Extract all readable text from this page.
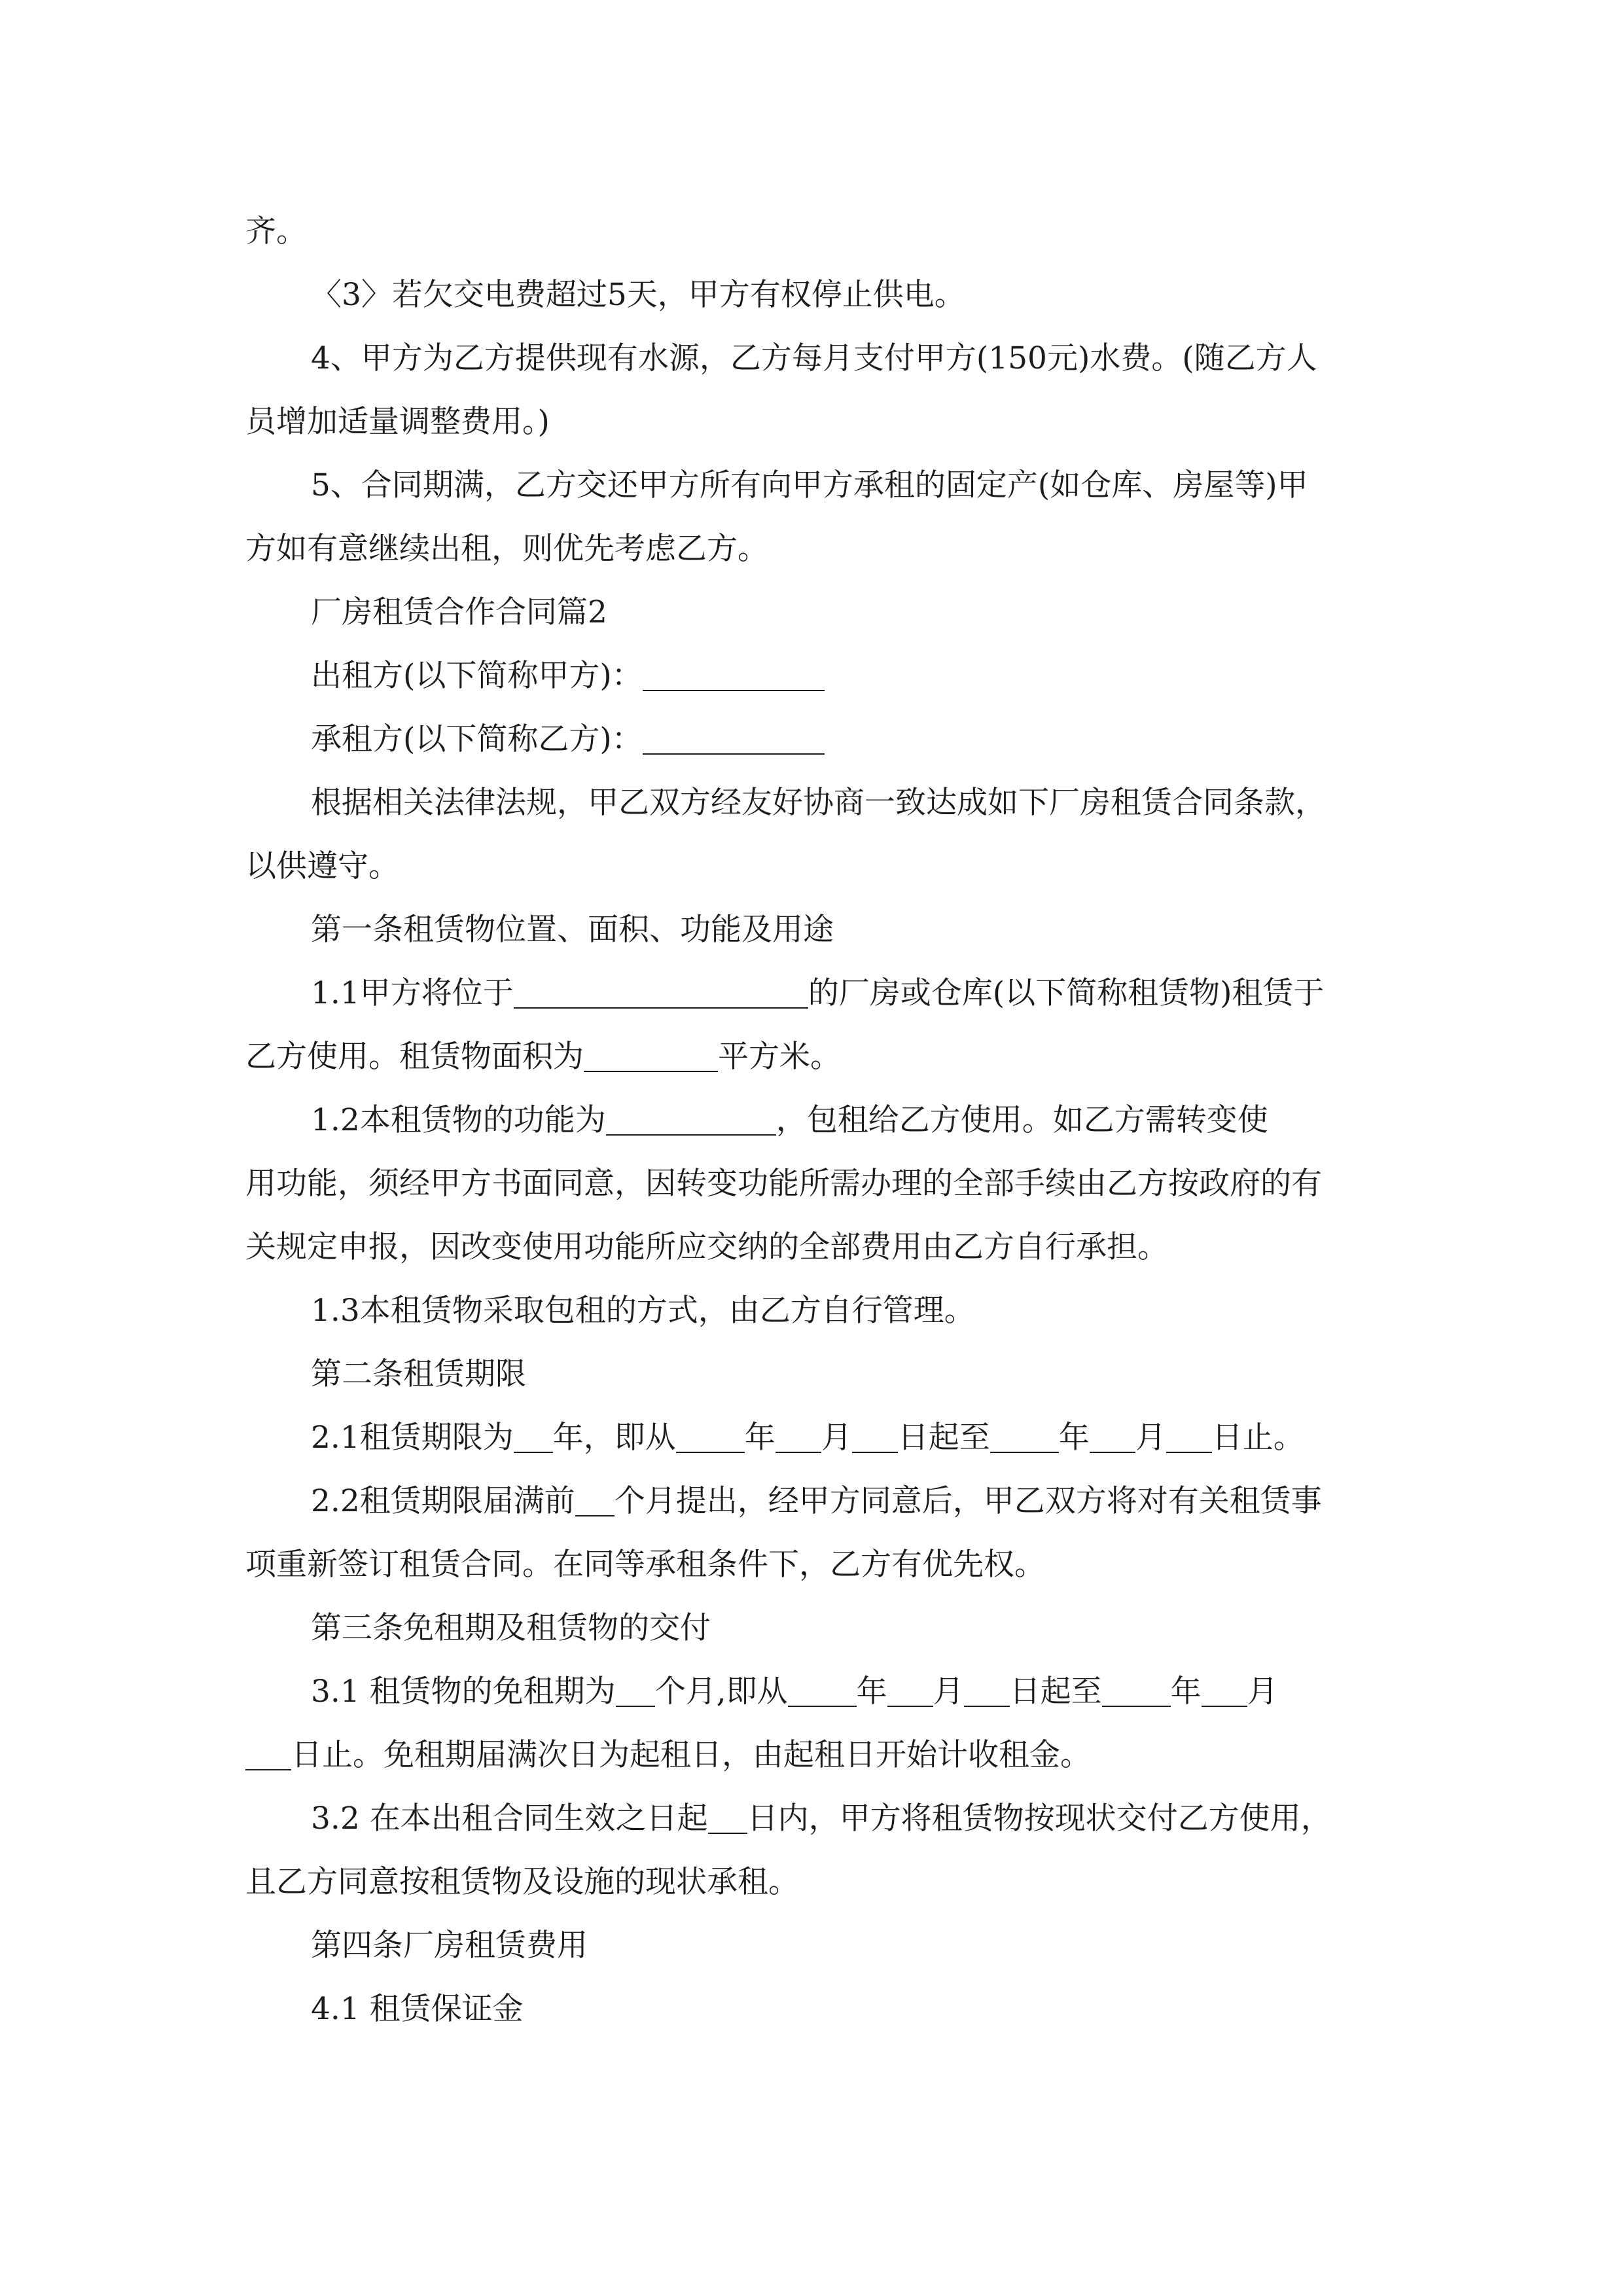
齐。

〈3〉若欠交电费超过5天，甲方有权停止供电。

4、甲方为乙方提供现有水源，乙方每月支付甲方(150元)水费。(随乙方人

员增加适量调整费用。)

5、合同期满，乙方交还甲方所有向甲方承租的固定产(如仓库、房屋等)甲

方如有意继续出租，则优先考虑乙方。

厂房租赁合作合同篇2

出租方(以下简称甲方)：

承租方(以下简称乙方)：

根据相关法律法规，甲乙双方经友好协商一致达成如下厂房租赁合同条款，

以供遵守。

第一条租赁物位置、面积、功能及用途

1.1甲方将位于	的厂房或仓库(以下简称租赁物)租赁于

乙方使用。租赁物面积为	平方米。

1.2本租赁物的功能为	，包租给乙方使用。如乙方需转变使

用功能，须经甲方书面同意，因转变功能所需办理的全部手续由乙方按政府的有

关规定申报，因改变使用功能所应交纳的全部费用由乙方自行承担。

1.3本租赁物采取包租的方式，由乙方自行管理。

第二条租赁期限

2.1租赁期限为 年，即从 年 月 日起至 年 月 日止。

2.2租赁期限届满前 个月提出，经甲方同意后，甲乙双方将对有关租赁事

项重新签订租赁合同。在同等承租条件下，乙方有优先权。

第三条免租期及租赁物的交付

3.1 租赁物的免租期为 个月,即从 年 月 日起至 年 月

日止。免租期届满次日为起租日，由起租日开始计收租金。

3.2 在本出租合同生效之日起 日内，甲方将租赁物按现状交付乙方使用，

且乙方同意按租赁物及设施的现状承租。

第四条厂房租赁费用

4.1 租赁保证金
